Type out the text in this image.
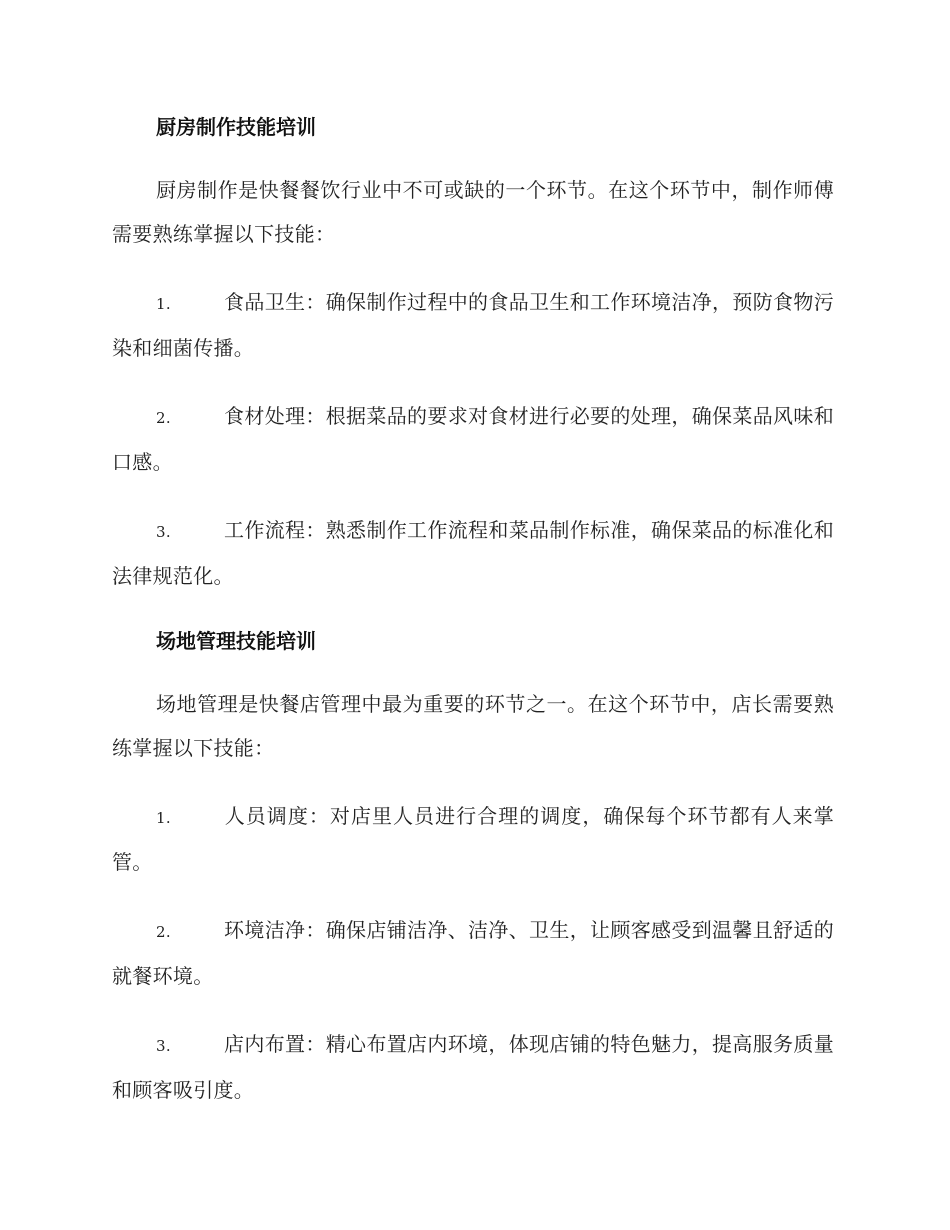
厨房制作技能培训

厨房制作是快餐餐饮行业中不可或缺的一个环节。在这个环节中，制作师傅需要熟练掌握以下技能：

1.	食品卫生：确保制作过程中的食品卫生和工作环境洁净，预防食物污染和细菌传播。

2.	食材处理：根据菜品的要求对食材进行必要的处理，确保菜品风味和口感。

3.	工作流程：熟悉制作工作流程和菜品制作标准，确保菜品的标准化和法律规范化。

场地管理技能培训

场地管理是快餐店管理中最为重要的环节之一。在这个环节中，店长需要熟练掌握以下技能：

1.	人员调度：对店里人员进行合理的调度，确保每个环节都有人来掌管。

2.	环境洁净：确保店铺洁净、洁净、卫生，让顾客感受到温馨且舒适的就餐环境。

3.	店内布置：精心布置店内环境，体现店铺的特色魅力，提高服务质量和顾客吸引度。
